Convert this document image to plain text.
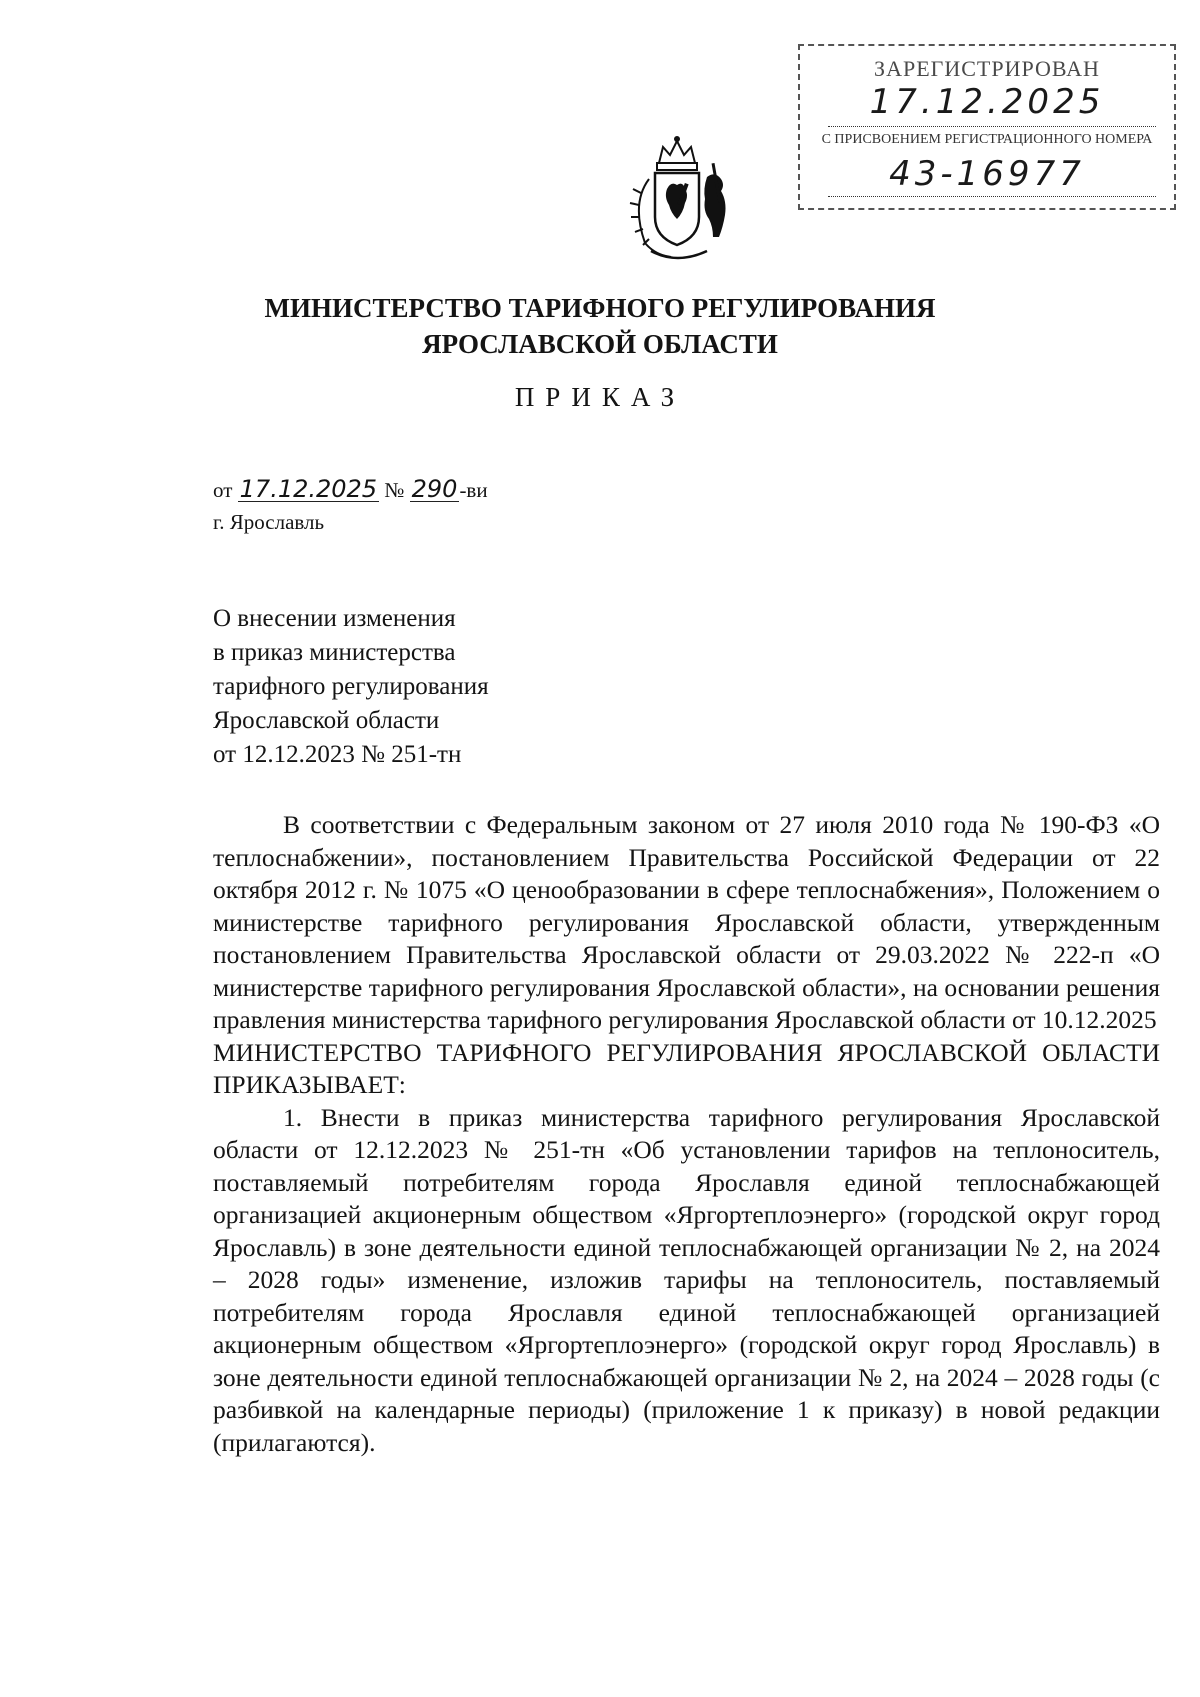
ЗАРЕГИСТРИРОВАН
17.12.2025
С ПРИСВОЕНИЕМ РЕГИСТРАЦИОННОГО НОМЕРА
43-16977
МИНИСТЕРСТВО ТАРИФНОГО РЕГУЛИРОВАНИЯ
ЯРОСЛАВСКОЙ ОБЛАСТИ
ПРИКАЗ
от 17.12.2025 № 290-ви
г. Ярославль
О внесении изменения
в приказ министерства
тарифного регулирования
Ярославской области
от 12.12.2023 № 251-тн

В соответствии с Федеральным законом от 27 июля 2010 года № 190-ФЗ «О теплоснабжении», постановлением Правительства Российской Федерации от 22 октября 2012 г. № 1075 «О ценообразовании в сфере теплоснабжения», Положением о министерстве тарифного регулирования Ярославской области, утвержденным постановлением Правительства Ярославской области от 29.03.2022 № 222-п «О министерстве тарифного регулирования Ярославской области», на основании решения правления министерства тарифного регулирования Ярославской области от 10.12.2025

МИНИСТЕРСТВО ТАРИФНОГО РЕГУЛИРОВАНИЯ ЯРОСЛАВСКОЙ ОБЛАСТИ ПРИКАЗЫВАЕТ:

1. Внести в приказ министерства тарифного регулирования Ярославской области от 12.12.2023 № 251-тн «Об установлении тарифов на теплоноситель, поставляемый потребителям города Ярославля единой теплоснабжающей организацией акционерным обществом «Яргортеплоэнерго» (городской округ город Ярославль) в зоне деятельности единой теплоснабжающей организации № 2, на 2024 – 2028 годы» изменение, изложив тарифы на теплоноситель, поставляемый потребителям города Ярославля единой теплоснабжающей организацией акционерным обществом «Яргортеплоэнерго» (городской округ город Ярославль) в зоне деятельности единой теплоснабжающей организации № 2, на 2024 – 2028 годы (с разбивкой на календарные периоды) (приложение 1 к приказу) в новой редакции (прилагаются).
